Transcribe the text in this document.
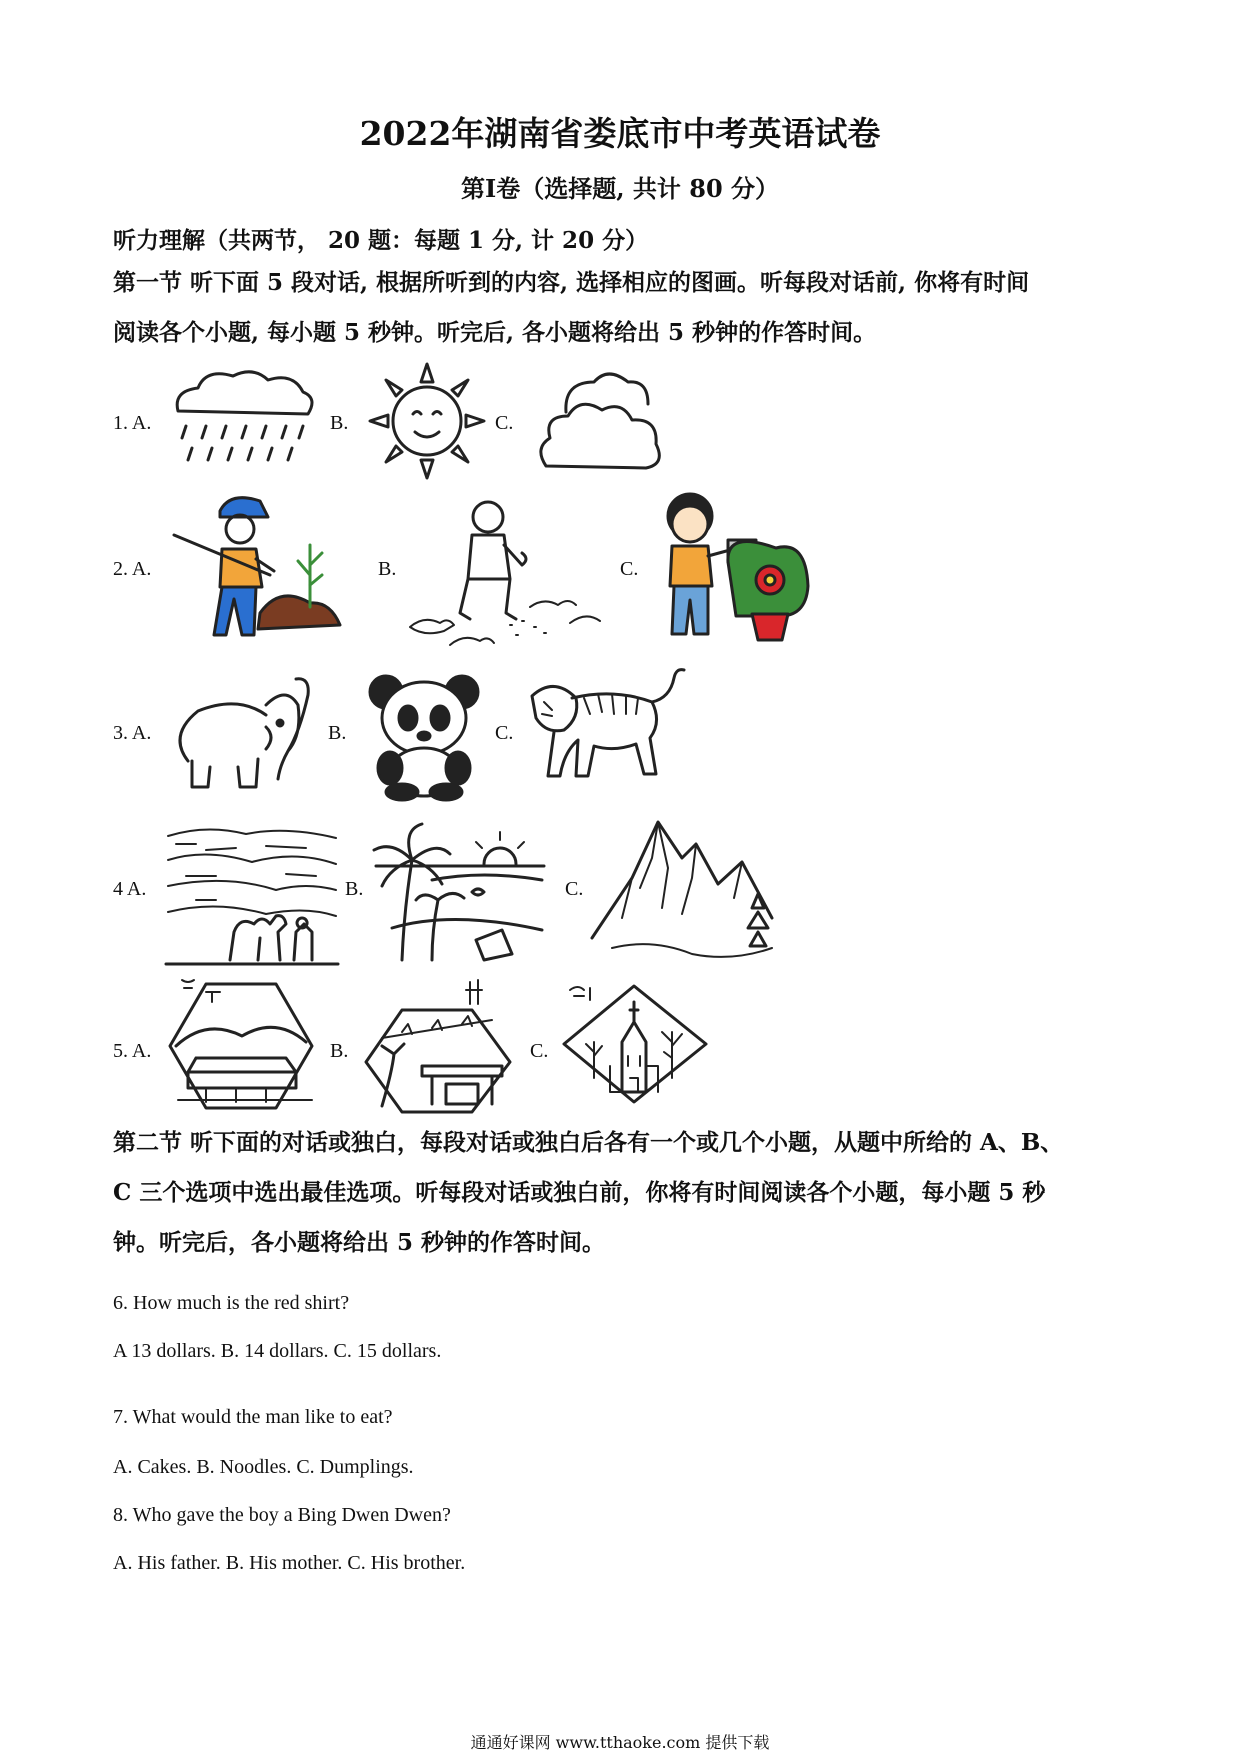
2022年湖南省娄底市中考英语试卷
第I卷（选择题, 共计 80 分）
听力理解（共两节， 20 题：每题 1 分, 计 20 分）
第一节 听下面 5 段对话, 根据所听到的内容, 选择相应的图画。听每段对话前, 你将有时间
阅读各个小题, 每小题 5 秒钟。听完后, 各小题将给出 5 秒钟的作答时间。
1. A.	B.	C.
2. A.	B.	C.
3. A.	B.	C.
4 A.	B.	C.
5. A.	B.	C.
第二节 听下面的对话或独白，每段对话或独白后各有一个或几个小题，从题中所给的 A、B、
C 三个选项中选出最佳选项。听每段对话或独白前，你将有时间阅读各个小题，每小题 5 秒
钟。听完后，各小题将给出 5 秒钟的作答时间。
6. How much is the red shirt?
A 13 dollars. B. 14 dollars. C. 15 dollars.
7. What would the man like to eat?
A. Cakes. B. Noodles. C. Dumplings.
8. Who gave the boy a Bing Dwen Dwen?
A. His father. B. His mother. C. His brother.
通通好课网 www.tthaoke.com 提供下载
